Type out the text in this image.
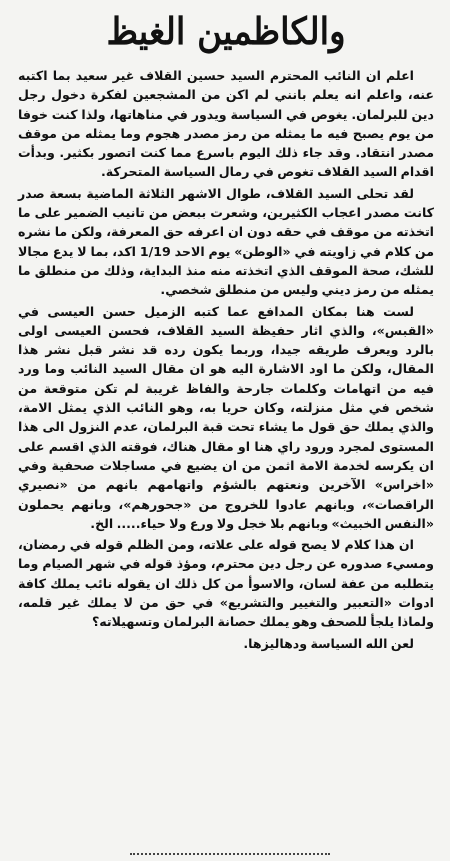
والكاظمين الغيظ

اعلم ان النائب المحترم السيد حسين القلاف غير سعيد بما اكتبه عنه، واعلم انه يعلم بانني لم اكن من المشجعين لفكرة دخول رجل دين للبرلمان. يغوص في السياسة ويدور في مناهاتها، ولذا كنت خوفا من يوم يصبح فيه ما يمثله من رمز مصدر هجوم وما يمثله من موقف مصدر انتقاد. وقد جاء ذلك اليوم باسرع مما كنت اتصور بكثير. وبدأت اقدام السيد القلاف تغوص في رمال السياسة المتحركة.

لقد تحلى السيد القلاف، طوال الاشهر الثلاثة الماضية بسعة صدر كانت مصدر اعجاب الكثيرين، وشعرت ببعض من تانيب الضمير على ما اتخذته من موقف في حقه دون ان اعرفه حق المعرفة، ولكن ما نشره من كلام في زاويته في «الوطن» يوم الاحد 1/19 اكد، بما لا يدع مجالا للشك، صحة الموقف الذي اتخذته منه منذ البداية، وذلك من منطلق ما يمثله من رمز ديني وليس من منطلق شخصي.

لست هنا بمكان المدافع عما كتبه الزميل حسن العيسى في «القبس»، والذي اثار حفيظة السيد القلاف، فحسن العيسى اولى بالرد ويعرف طريقه جيدا، وربما يكون رده قد نشر قبل نشر هذا المقال، ولكن ما اود الاشارة اليه هو ان مقال السيد النائب وما ورد فيه من اتهامات وكلمات جارحة والفاظ غريبة لم تكن متوقعة من شخص في مثل منزلته، وكان حريا به، وهو النائب الذي يمثل الامة، والذي يملك حق قول ما يشاء تحت قبة البرلمان، عدم النزول الى هذا المستوى لمجرد ورود راي هنا او مقال هناك، فوقته الذي اقسم على ان يكرسه لخدمة الامة اثمن من ان يضيع في مساجلات صحفية وفي «اخراس» الآخرين ونعتهم بالشؤم واتهامهم بانهم من «نصيري الراقصات»، وبانهم عادوا للخروج من «جحورهم»، وبانهم يحملون «النفس الخبيث» وبانهم بلا خجل ولا ورع ولا حياء..... الخ.

ان هذا كلام لا يصح قوله على علاته، ومن الظلم قوله في رمضان، ومسيء صدوره عن رجل دين محترم، ومؤذ قوله في شهر الصيام وما يتطلبه من عفة لسان، والاسوأ من كل ذلك ان يقوله نائب يملك كافة ادوات «التعبير والتغيير والتشريع» في حق من لا يملك غير قلمه، ولماذا يلجأ للصحف وهو يملك حصانة البرلمان وتسهيلاته؟

لعن الله السياسة ودهاليزها.
